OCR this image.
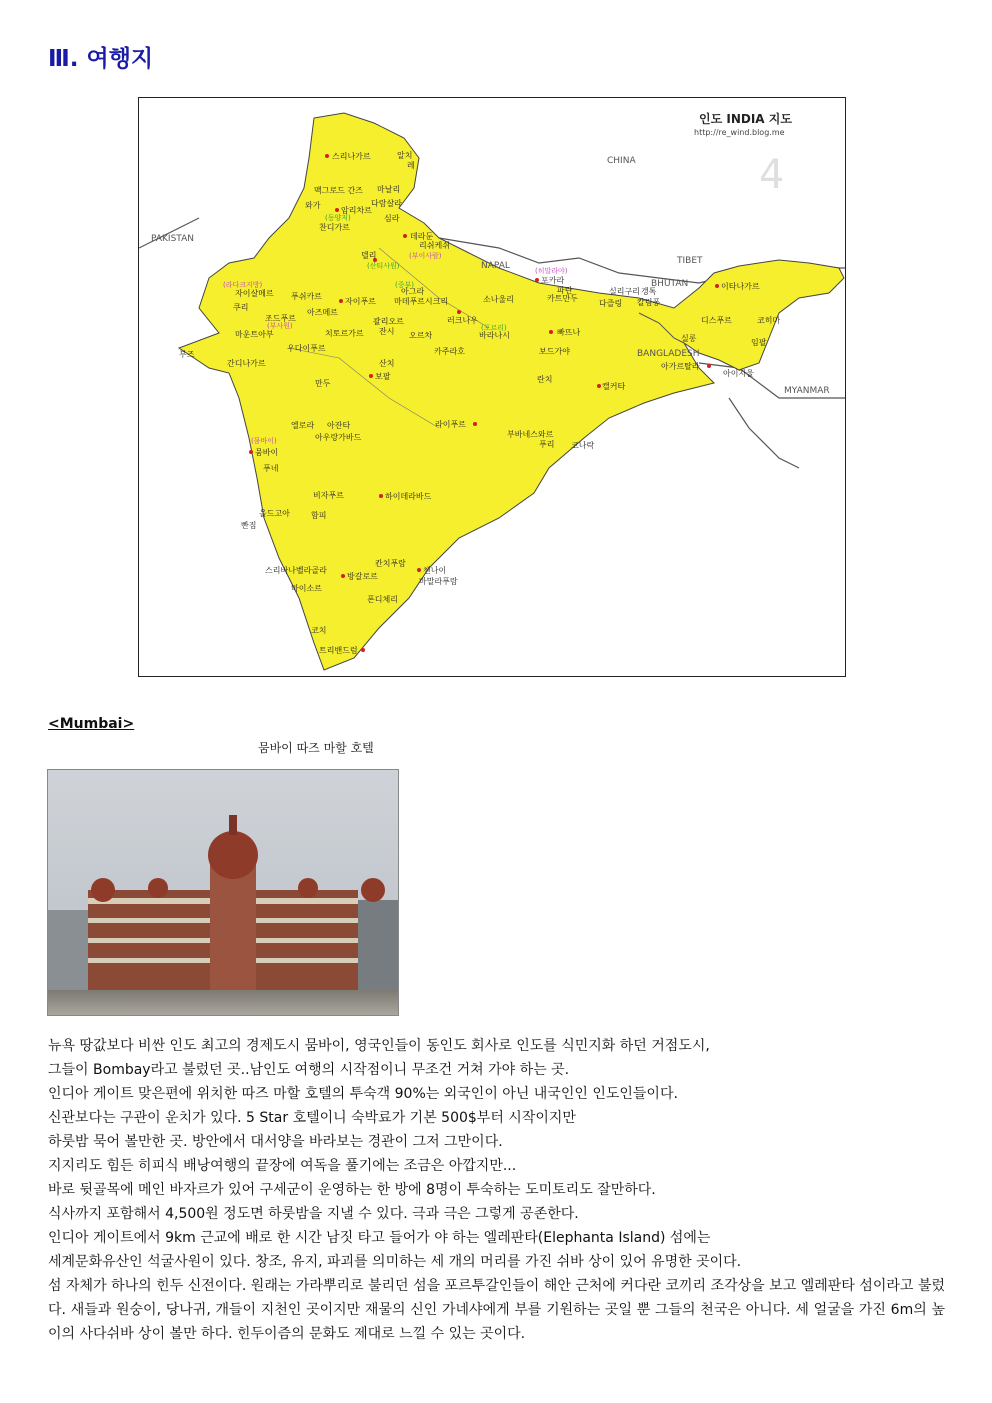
Ⅲ. 여행지
인도 INDIA 지도
http://re_wind.blog.me
4
CHINA
PAKISTAN
NAPAL	TIBET
BHUTAN
BANGLADESH
MYANMAR
스리나가르	알치
레
맥그로드 간즈 마날리
와가
암리차르
다람살라
찬디가르
심라
데라둔
리쉬케쉬
델리
자이살메르 푸쉬카르
자이푸르
아그라
조드푸르
아즈메르
마데푸르시크리
러크나우
쿠리
치토르가르
괄리오르
잔시 오르차
카주라호
소나울리
포카라
파탄
카트만두
바라나시	빠뜨나
보드가야
실리구리
다즐링
갱톡
칼림퐁
이타나가르
디스푸르	코히마
임팔
실롱
아가르탈라
아이자울
마운트아부
우다이푸르
부즈
간디나가르	산치
보팔
만두	란치
캘커타
엘로라 아잔타
아우랑가바드
라이푸르
부바네스와르
푸리 코나락
뭄바이
푸네
비자푸르	하이데라바드
올드고아
빤짐
함피
스리바나벨라골라
방갈로르
칸치푸람
첸나이
마말라푸람
마이소르
폰디체리
코치
트리밴드럼
(라다크지방)
(부사원)
(뭄바이)
(히말라야)
(부이사람)
(동양저)
(산티사원)
(중부)
(포르리)
<Mumbai>
뭄바이 따즈 마할 호텔
뉴욕 땅값보다 비싼 인도 최고의 경제도시 뭄바이, 영국인들이 동인도 회사로 인도를 식민지화 하던 거점도시,
그들이 Bombay라고 불렀던 곳..남인도 여행의 시작점이니 무조건 거쳐 가야 하는 곳.
인디아 게이트 맞은편에 위치한 따즈 마할 호텔의 투숙객 90%는 외국인이 아닌 내국인인 인도인들이다.
신관보다는 구관이 운치가 있다. 5 Star 호텔이니 숙박료가 기본 500$부터 시작이지만
하룻밤 묵어 볼만한 곳. 방안에서 대서양을 바라보는 경관이 그저 그만이다.
지지리도 힘든 히피식 배낭여행의 끝장에 여독을 풀기에는 조금은 아깝지만...
바로 뒷골목에 메인 바자르가 있어 구세군이 운영하는 한 방에 8명이 투숙하는 도미토리도 잘만하다.
식사까지 포함해서 4,500원 정도면 하룻밤을 지낼 수 있다. 극과 극은 그렇게 공존한다.
인디아 게이트에서 9km 근교에 배로 한 시간 남짓 타고 들어가 야 하는 엘레판타(Elephanta Island) 섬에는
세계문화유산인 석굴사원이 있다. 창조, 유지, 파괴를 의미하는 세 개의 머리를 가진 쉬바 상이 있어 유명한 곳이다.
섬 자체가 하나의 힌두 신전이다. 원래는 가라뿌리로 불리던 섬을 포르투갈인들이 해안 근처에 커다란 코끼리 조각상을 보고 엘레판타 섬이라고 불렀다. 새들과 원숭이, 당나귀, 개들이 지천인 곳이지만 재물의 신인 가네샤에게 부를 기원하는 곳일 뿐 그들의 천국은 아니다. 세 얼굴을 가진 6m의 높이의 사다쉬바 상이 볼만 하다. 힌두이즘의 문화도 제대로 느낄 수 있는 곳이다.
